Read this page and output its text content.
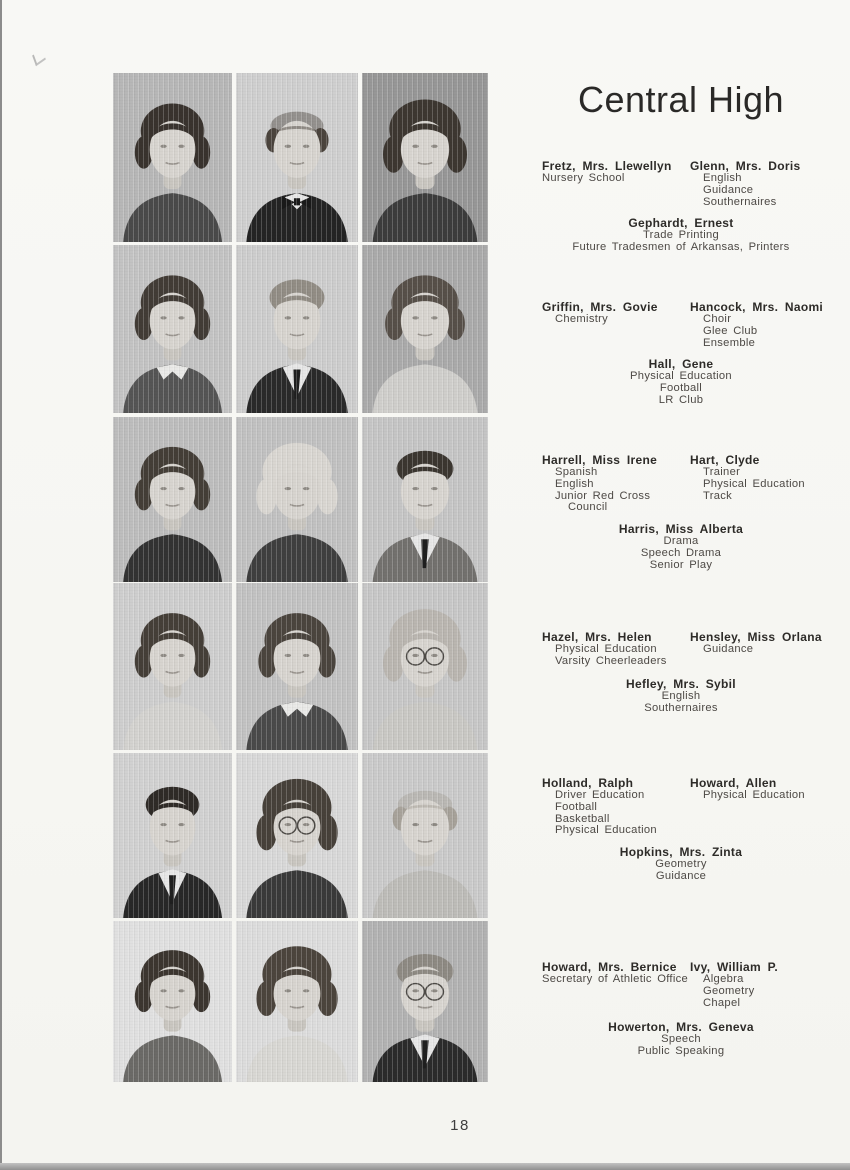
Central High
Fretz, Mrs. Llewellyn
Nursery School
Glenn, Mrs. Doris
English
Guidance
Southernaires
Gephardt, Ernest
Trade Printing
Future Tradesmen of Arkansas, Printers
Griffin, Mrs. Govie
Chemistry
Hancock, Mrs. Naomi
Choir
Glee Club
Ensemble
Hall, Gene
Physical Education
Football
LR Club
Harrell, Miss Irene
Spanish
English
Junior Red Cross Council
Hart, Clyde
Trainer
Physical Education
Track
Harris, Miss Alberta
Drama
Speech Drama
Senior Play
Hazel, Mrs. Helen
Physical Education
Varsity Cheerleaders
Hensley, Miss Orlana
Guidance
Hefley, Mrs. Sybil
English
Southernaires
Holland, Ralph
Driver Education
Football
Basketball
Physical Education
Howard, Allen
Physical Education
Hopkins, Mrs. Zinta
Geometry
Guidance
Howard, Mrs. Bernice
Secretary of Athletic Office
Ivy, William P.
Algebra
Geometry
Chapel
Howerton, Mrs. Geneva
Speech
Public Speaking
18
